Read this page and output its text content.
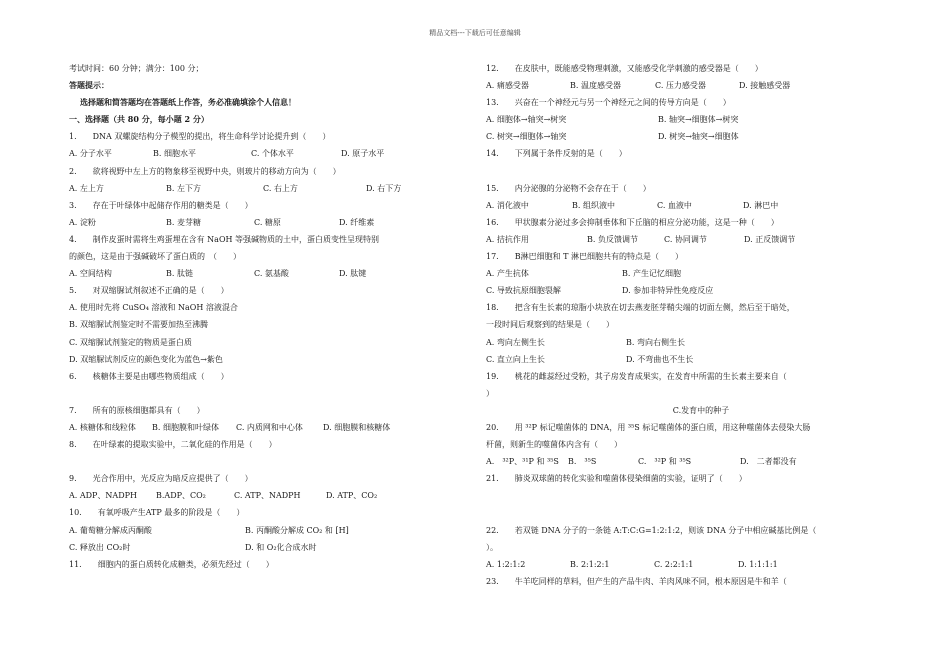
精品文档---下载后可任意编辑
考试时间：60 分钟；满分：100 分；
答题提示：
选择题和简答题均在答题纸上作答，务必准确填涂个人信息！
一、选择题（共 80 分，每小题 2 分）
1.　　DNA 双螺旋结构分子模型的提出，将生命科学讨论提升到（　　）
A. 分子水平	B. 细胞水平	C. 个体水平	D. 原子水平
2.　　欲将视野中左上方的物象移至视野中央，则玻片的移动方向为（　　）
A. 左上方	B. 左下方	C. 右上方	D. 右下方
3.　　存在于叶绿体中起储存作用的糖类是（　　）
A. 淀粉	B. 麦芽糖	C. 糖原	D. 纤维素
4.　　制作皮蛋时需将生鸡蛋埋在含有 NaOH 等强碱物质的土中，蛋白质变性呈现特别
的颜色，这是由于强碱破坏了蛋白质的　（　　）
A. 空间结构	B. 肽链	C. 氨基酸	D. 肽键
5.　　对双缩脲试剂叙述不正确的是（　　）
A. 使用时先将 CuSO₄ 溶液和 NaOH 溶液混合
B. 双缩脲试剂鉴定时不需要加热至沸腾
C. 双缩脲试剂鉴定的物质是蛋白质
D. 双缩脲试剂反应的颜色变化为蓝色→紫色
6.　　核糖体主要是由哪些物质组成（　　）
7.　　所有的原核细胞都具有（　　）
A. 核糖体和线粒体	B. 细胞膜和叶绿体	C. 内质网和中心体	D. 细胞膜和核糖体
8.　　在叶绿素的提取实验中，二氧化硅的作用是（　　）
9.　　光合作用中，光反应为暗反应提供了（　　）
A. ADP、NADPH	B.ADP、CO₂	C. ATP、NADPH	D. ATP、CO₂
10.　　有氧呼吸产生ATP 最多的阶段是（　　）
A. 葡萄糖分解成丙酮酸	B. 丙酮酸分解成 CO₂ 和 [H]
C. 释放出 CO₂时	D. 和 O₂化合成水时
11.　　细胞内的蛋白质转化成糖类，必须先经过（　　）
12.　　在皮肤中，既能感受物理刺激，又能感受化学刺激的感受器是（　　）
A. 痛感受器	B. 温度感受器	C. 压力感受器	D. 接触感受器
13.　　兴奋在一个神经元与另一个神经元之间的传导方向是（　　）
A. 细胞体→轴突→树突	B. 轴突→细胞体→树突
C. 树突→细胞体→轴突	D. 树突→轴突→细胞体
14.　　下列属于条件反射的是（　　）
15.　　内分泌腺的分泌物不会存在于（　　）
A. 消化液中	B. 组织液中	C. 血液中	D. 淋巴中
16.　　甲状腺素分泌过多会抑制垂体和下丘脑的相应分泌功能，这是一种（　　）
A. 拮抗作用	B. 负反馈调节	C. 协同调节	D. 正反馈调节
17.　　B淋巴细胞和 T 淋巴细胞共有的特点是（　　）
A. 产生抗体	B. 产生记忆细胞
C. 导致抗原细胞裂解	D. 参加非特异性免疫反应
18.　　把含有生长素的琼脂小块放在切去燕麦胚芽鞘尖端的切面左侧，然后至于暗处，
一段时间后观察到的结果是（　　）
A. 弯向左侧生长	B. 弯向右侧生长
C. 直立向上生长	D. 不弯曲也不生长
19.　　桃花的雌蕊经过受粉，其子房发育成果实，在发育中所需的生长素主要来自（
）
C.发育中的种子
20.　　用 ³²P 标记噬菌体的 DNA，用 ³⁵S 标记噬菌体的蛋白质，用这种噬菌体去侵染大肠
杆菌，则新生的噬菌体内含有（　　）
A.　³²P、³¹P 和 ³⁵S	B.　³⁵S	C.　³²P 和 ³⁵S	D.　二者都没有
21.　　肺炎双球菌的转化实验和噬菌体侵染细菌的实验，证明了（　　）
22.　　若双链 DNA 分子的一条链 A:T:C:G=1:2:1:2，则该 DNA 分子中相应碱基比例是（
）。
A. 1:2:1:2	B. 2:1:2:1	C. 2:2:1:1	D. 1:1:1:1
23.　　牛羊吃同样的草料，但产生的产品牛肉、羊肉风味不同，根本原因是牛和羊（
